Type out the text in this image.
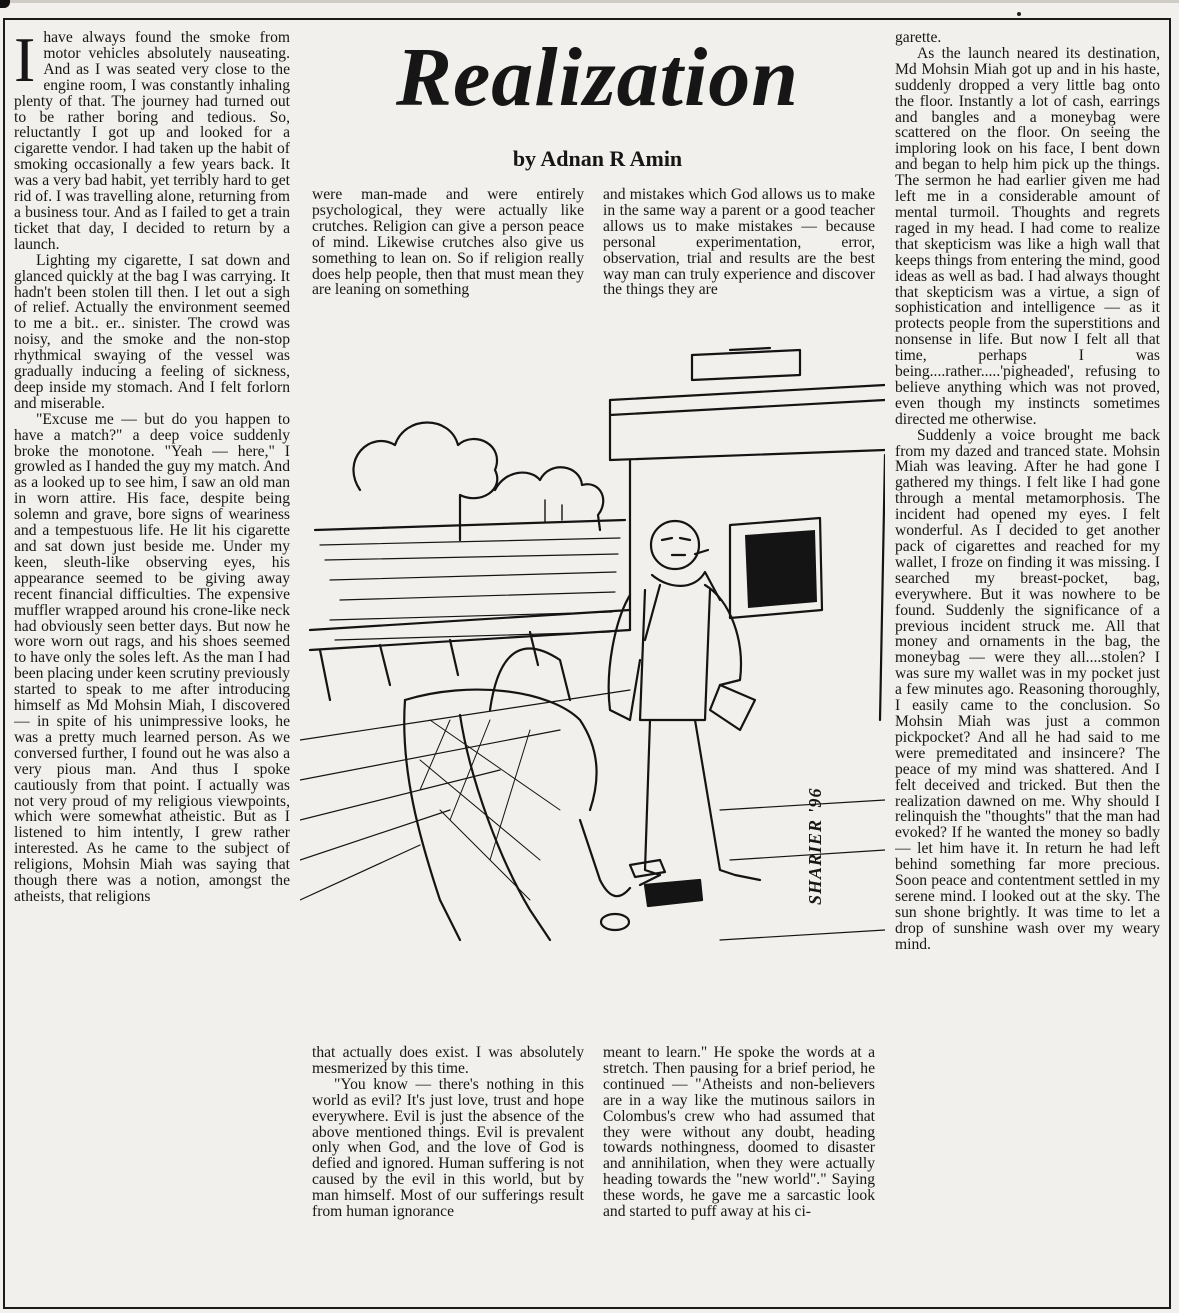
Ihave always found the smoke from motor vehicles absolutely nauseating. And as I was seated very close to the engine room, I was constantly inhaling plenty of that. The journey had turned out to be rather boring and tedious. So, reluctantly I got up and looked for a cigarette vendor. I had taken up the habit of smoking occasionally a few years back. It was a very bad habit, yet terribly hard to get rid of. I was travelling alone, returning from a business tour. And as I failed to get a train ticket that day, I decided to return by a launch.

Lighting my cigarette, I sat down and glanced quickly at the bag I was carrying. It hadn't been stolen till then. I let out a sigh of relief. Actually the environment seemed to me a bit.. er.. sinister. The crowd was noisy, and the smoke and the non-stop rhythmical swaying of the vessel was gradually inducing a feeling of sickness, deep inside my stomach. And I felt forlorn and miserable.

"Excuse me — but do you happen to have a match?" a deep voice suddenly broke the monotone. "Yeah — here," I growled as I handed the guy my match. And as a looked up to see him, I saw an old man in worn attire. His face, despite being solemn and grave, bore signs of weariness and a tempestuous life. He lit his cigarette and sat down just beside me. Under my keen, sleuth-like observing eyes, his appearance seemed to be giving away recent financial difficulties. The expensive muffler wrapped around his crone-like neck had obviously seen better days. But now he wore worn out rags, and his shoes seemed to have only the soles left. As the man I had been placing under keen scrutiny previously started to speak to me after introducing himself as Md Mohsin Miah, I discovered — in spite of his unimpressive looks, he was a pretty much learned person. As we conversed further, I found out he was also a very pious man. And thus I spoke cautiously from that point. I actually was not very proud of my religious viewpoints, which were somewhat atheistic. But as I listened to him intently, I grew rather interested. As he came to the subject of religions, Mohsin Miah was saying that though there was a notion, amongst the atheists, that religions

Realization
by Adnan R Amin

were man-made and were entirely psychological, they were actually like crutches. Religion can give a person peace of mind. Likewise crutches also give us something to lean on. So if religion really does help people, then that must mean they are leaning on something

and mistakes which God allows us to make in the same way a parent or a good teacher allows us to make mistakes — because personal experimentation, error, observation, trial and results are the best way man can truly experience and discover the things they are

SHARIER '96

that actually does exist. I was absolutely mesmerized by this time.

"You know — there's nothing in this world as evil? It's just love, trust and hope everywhere. Evil is just the absence of the above mentioned things. Evil is prevalent only when God, and the love of God is defied and ignored. Human suffering is not caused by the evil in this world, but by man himself. Most of our sufferings result from human ignorance

meant to learn." He spoke the words at a stretch. Then pausing for a brief period, he continued — "Atheists and non-believers are in a way like the mutinous sailors in Colombus's crew who had assumed that they were without any doubt, heading towards nothingness, doomed to disaster and annihilation, when they were actually heading towards the "new world"." Saying these words, he gave me a sarcastic look and started to puff away at his ci-

garette.

As the launch neared its destination, Md Mohsin Miah got up and in his haste, suddenly dropped a very little bag onto the floor. Instantly a lot of cash, earrings and bangles and a moneybag were scattered on the floor. On seeing the imploring look on his face, I bent down and began to help him pick up the things. The sermon he had earlier given me had left me in a considerable amount of mental turmoil. Thoughts and regrets raged in my head. I had come to realize that skepticism was like a high wall that keeps things from entering the mind, good ideas as well as bad. I had always thought that skepticism was a virtue, a sign of sophistication and intelligence — as it protects people from the superstitions and nonsense in life. But now I felt all that time, perhaps I was being....rather.....'pigheaded', refusing to believe anything which was not proved, even though my instincts sometimes directed me otherwise.

Suddenly a voice brought me back from my dazed and tranced state. Mohsin Miah was leaving. After he had gone I gathered my things. I felt like I had gone through a mental metamorphosis. The incident had opened my eyes. I felt wonderful. As I decided to get another pack of cigarettes and reached for my wallet, I froze on finding it was missing. I searched my breast-pocket, bag, everywhere. But it was nowhere to be found. Suddenly the significance of a previous incident struck me. All that money and ornaments in the bag, the moneybag — were they all....stolen? I was sure my wallet was in my pocket just a few minutes ago. Reasoning thoroughly, I easily came to the conclusion. So Mohsin Miah was just a common pickpocket? And all he had said to me were premeditated and insincere? The peace of my mind was shattered. And I felt deceived and tricked. But then the realization dawned on me. Why should I relinquish the "thoughts" that the man had evoked? If he wanted the money so badly — let him have it. In return he had left behind something far more precious. Soon peace and contentment settled in my serene mind. I looked out at the sky. The sun shone brightly. It was time to let a drop of sunshine wash over my weary mind.
